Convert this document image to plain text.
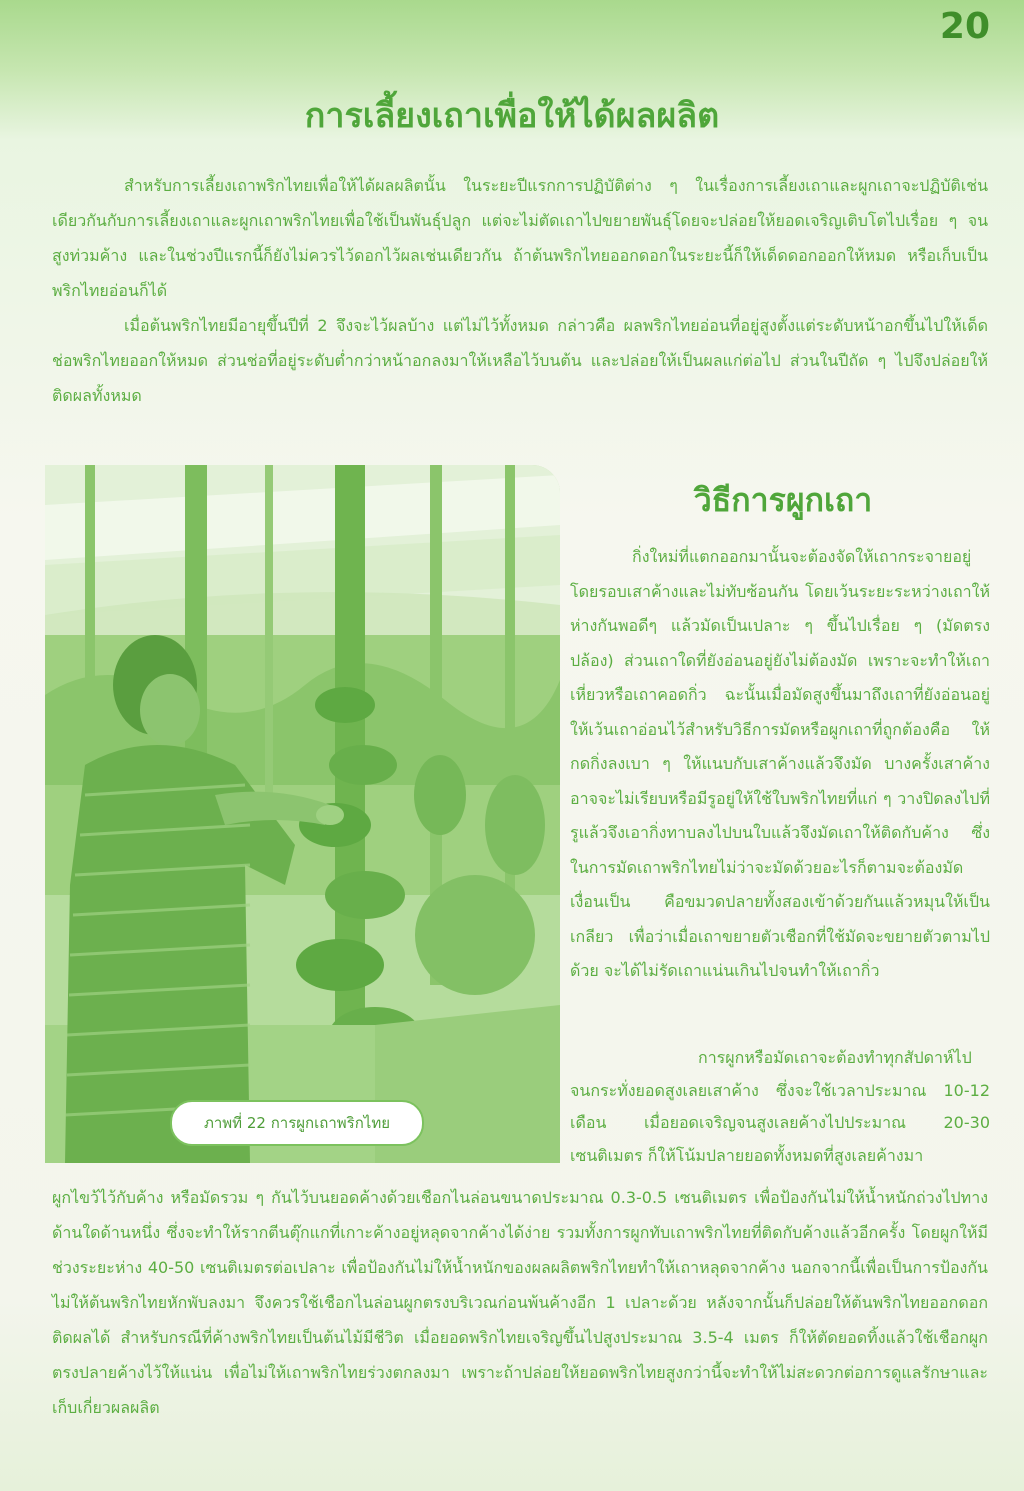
20
การเลี้ยงเถาเพื่อให้ได้ผลผลิต

สำหรับการเลี้ยงเถาพริกไทยเพื่อให้ได้ผลผลิตนั้น ในระยะปีแรกการปฏิบัติต่าง ๆ ในเรื่องการเลี้ยงเถาและผูกเถาจะปฏิบัติเช่นเดียวกันกับการเลี้ยงเถาและผูกเถาพริกไทยเพื่อใช้เป็นพันธุ์ปลูก แต่จะไม่ตัดเถาไปขยายพันธุ์โดยจะปล่อยให้ยอดเจริญเติบโตไปเรื่อย ๆ จนสูงท่วมค้าง และในช่วงปีแรกนี้ก็ยังไม่ควรไว้ดอกไว้ผลเช่นเดียวกัน ถ้าต้นพริกไทยออกดอกในระยะนี้ก็ให้เด็ดดอกออกให้หมด หรือเก็บเป็นพริกไทยอ่อนก็ได้

เมื่อต้นพริกไทยมีอายุขึ้นปีที่ 2 จึงจะไว้ผลบ้าง แต่ไม่ไว้ทั้งหมด กล่าวคือ ผลพริกไทยอ่อนที่อยู่สูงตั้งแต่ระดับหน้าอกขึ้นไปให้เด็ดช่อพริกไทยออกให้หมด ส่วนช่อที่อยู่ระดับต่ำกว่าหน้าอกลงมาให้เหลือไว้บนต้น และปล่อยให้เป็นผลแก่ต่อไป ส่วนในปีถัด ๆ ไปจึงปล่อยให้ติดผลทั้งหมด

ภาพที่ 22 การผูกเถาพริกไทย
วิธีการผูกเถา

กิ่งใหม่ที่แตกออกมานั้นจะต้องจัดให้เถากระจายอยู่โดยรอบเสาค้างและไม่ทับซ้อนกัน โดยเว้นระยะระหว่างเถาให้ห่างกันพอดีๆ แล้วมัดเป็นเปลาะ ๆ ขึ้นไปเรื่อย ๆ (มัดตรงปล้อง) ส่วนเถาใดที่ยังอ่อนอยู่ยังไม่ต้องมัด เพราะจะทำให้เถาเหี่ยวหรือเถาคอดกิ่ว ฉะนั้นเมื่อมัดสูงขึ้นมาถึงเถาที่ยังอ่อนอยู่ให้เว้นเถาอ่อนไว้สำหรับวิธีการมัดหรือผูกเถาที่ถูกต้องคือ ให้กดกิ่งลงเบา ๆ ให้แนบกับเสาค้างแล้วจึงมัด บางครั้งเสาค้างอาจจะไม่เรียบหรือมีรูอยู่ให้ใช้ใบพริกไทยที่แก่ ๆ วางปิดลงไปที่รูแล้วจึงเอากิ่งทาบลงไปบนใบแล้วจึงมัดเถาให้ติดกับค้าง ซึ่งในการมัดเถาพริกไทยไม่ว่าจะมัดด้วยอะไรก็ตามจะต้องมัดเงื่อนเป็น คือขมวดปลายทั้งสองเข้าด้วยกันแล้วหมุนให้เป็นเกลียว เพื่อว่าเมื่อเถาขยายตัวเชือกที่ใช้มัดจะขยายตัวตามไปด้วย จะได้ไม่รัดเถาแน่นเกินไปจนทำให้เถากิ่ว

การผูกหรือมัดเถาจะต้องทำทุกสัปดาห์ไปจนกระทั่งยอดสูงเลยเสาค้าง ซึ่งจะใช้เวลาประมาณ 10-12 เดือน เมื่อยอดเจริญจนสูงเลยค้างไปประมาณ 20-30 เซนติเมตร ก็ให้โน้มปลายยอดทั้งหมดที่สูงเลยค้างมา

ผูกไขว้ไว้กับค้าง หรือมัดรวม ๆ กันไว้บนยอดค้างด้วยเชือกไนล่อนขนาดประมาณ 0.3-0.5 เซนติเมตร เพื่อป้องกันไม่ให้น้ำหนักถ่วงไปทางด้านใดด้านหนึ่ง ซึ่งจะทำให้รากตีนตุ๊กแกที่เกาะค้างอยู่หลุดจากค้างได้ง่าย รวมทั้งการผูกทับเถาพริกไทยที่ติดกับค้างแล้วอีกครั้ง โดยผูกให้มีช่วงระยะห่าง 40-50 เซนติเมตรต่อเปลาะ เพื่อป้องกันไม่ให้น้ำหนักของผลผลิตพริกไทยทำให้เถาหลุดจากค้าง นอกจากนี้เพื่อเป็นการป้องกันไม่ให้ต้นพริกไทยหักพับลงมา จึงควรใช้เชือกไนล่อนผูกตรงบริเวณก่อนพ้นค้างอีก 1 เปลาะด้วย หลังจากนั้นก็ปล่อยให้ต้นพริกไทยออกดอกติดผลได้ สำหรับกรณีที่ค้างพริกไทยเป็นต้นไม้มีชีวิต เมื่อยอดพริกไทยเจริญขึ้นไปสูงประมาณ 3.5-4 เมตร ก็ให้ตัดยอดทิ้งแล้วใช้เชือกผูกตรงปลายค้างไว้ให้แน่น เพื่อไม่ให้เถาพริกไทยร่วงตกลงมา เพราะถ้าปล่อยให้ยอดพริกไทยสูงกว่านี้จะทำให้ไม่สะดวกต่อการดูแลรักษาและเก็บเกี่ยวผลผลิต
